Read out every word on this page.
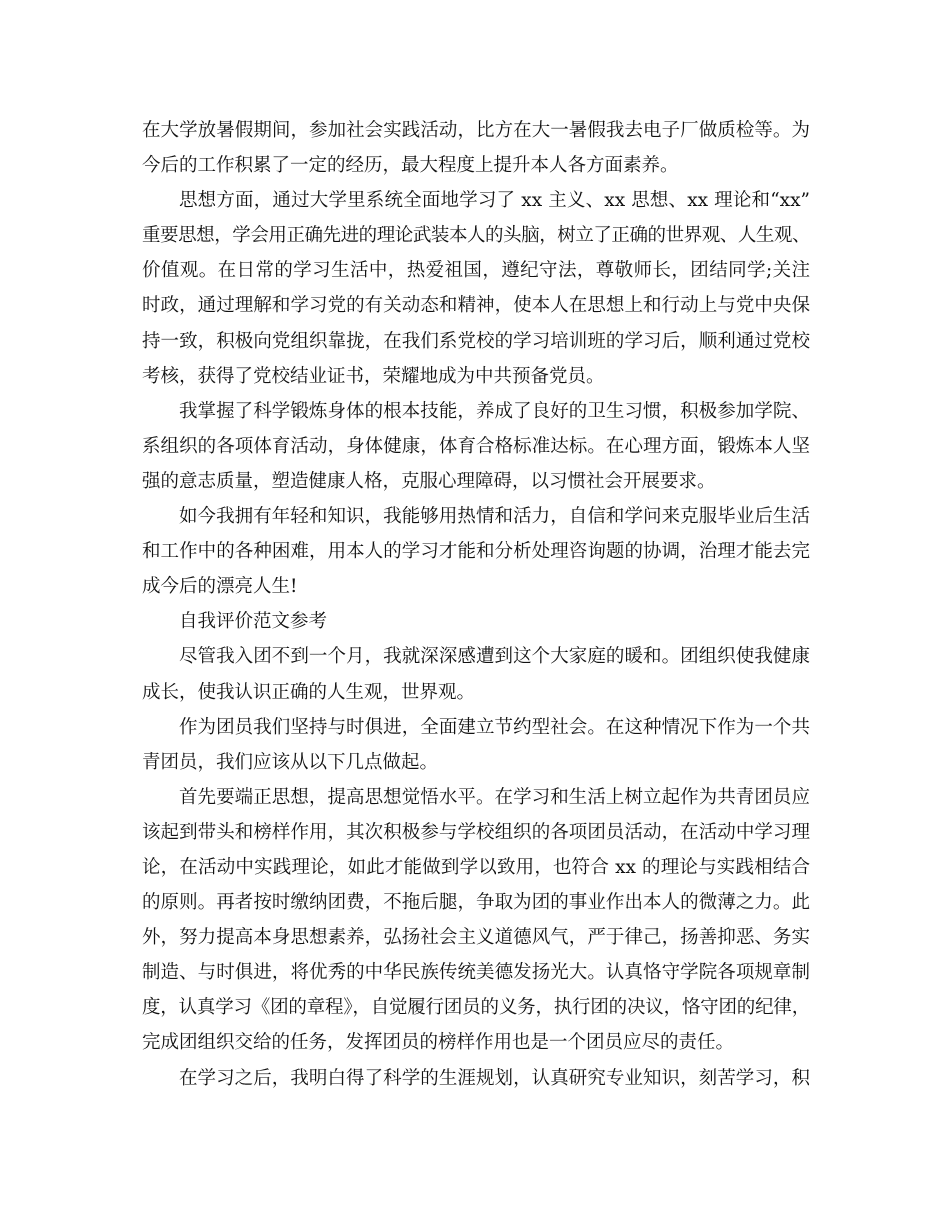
在大学放暑假期间，参加社会实践活动，比方在大一暑假我去电子厂做质检等。为
今后的工作积累了一定的经历，最大程度上提升本人各方面素养。
思想方面，通过大学里系统全面地学习了 xx 主义、xx 思想、xx 理论和“xx”
重要思想，学会用正确先进的理论武装本人的头脑，树立了正确的世界观、人生观、
价值观。在日常的学习生活中，热爱祖国，遵纪守法，尊敬师长，团结同学;关注
时政，通过理解和学习党的有关动态和精神，使本人在思想上和行动上与党中央保
持一致，积极向党组织靠拢，在我们系党校的学习培训班的学习后，顺利通过党校
考核，获得了党校结业证书，荣耀地成为中共预备党员。
我掌握了科学锻炼身体的根本技能，养成了良好的卫生习惯，积极参加学院、
系组织的各项体育活动，身体健康，体育合格标准达标。在心理方面，锻炼本人坚
强的意志质量，塑造健康人格，克服心理障碍，以习惯社会开展要求。
如今我拥有年轻和知识，我能够用热情和活力，自信和学问来克服毕业后生活
和工作中的各种困难，用本人的学习才能和分析处理咨询题的协调，治理才能去完
成今后的漂亮人生!
自我评价范文参考
尽管我入团不到一个月，我就深深感遭到这个大家庭的暖和。团组织使我健康
成长，使我认识正确的人生观，世界观。
作为团员我们坚持与时俱进，全面建立节约型社会。在这种情况下作为一个共
青团员，我们应该从以下几点做起。
首先要端正思想，提高思想觉悟水平。在学习和生活上树立起作为共青团员应
该起到带头和榜样作用，其次积极参与学校组织的各项团员活动，在活动中学习理
论，在活动中实践理论，如此才能做到学以致用，也符合 xx 的理论与实践相结合
的原则。再者按时缴纳团费，不拖后腿，争取为团的事业作出本人的微薄之力。此
外，努力提高本身思想素养，弘扬社会主义道德风气，严于律己，扬善抑恶、务实
制造、与时俱进，将优秀的中华民族传统美德发扬光大。认真恪守学院各项规章制
度，认真学习《团的章程》，自觉履行团员的义务，执行团的决议，恪守团的纪律，
完成团组织交给的任务，发挥团员的榜样作用也是一个团员应尽的责任。
在学习之后，我明白得了科学的生涯规划，认真研究专业知识，刻苦学习，积
